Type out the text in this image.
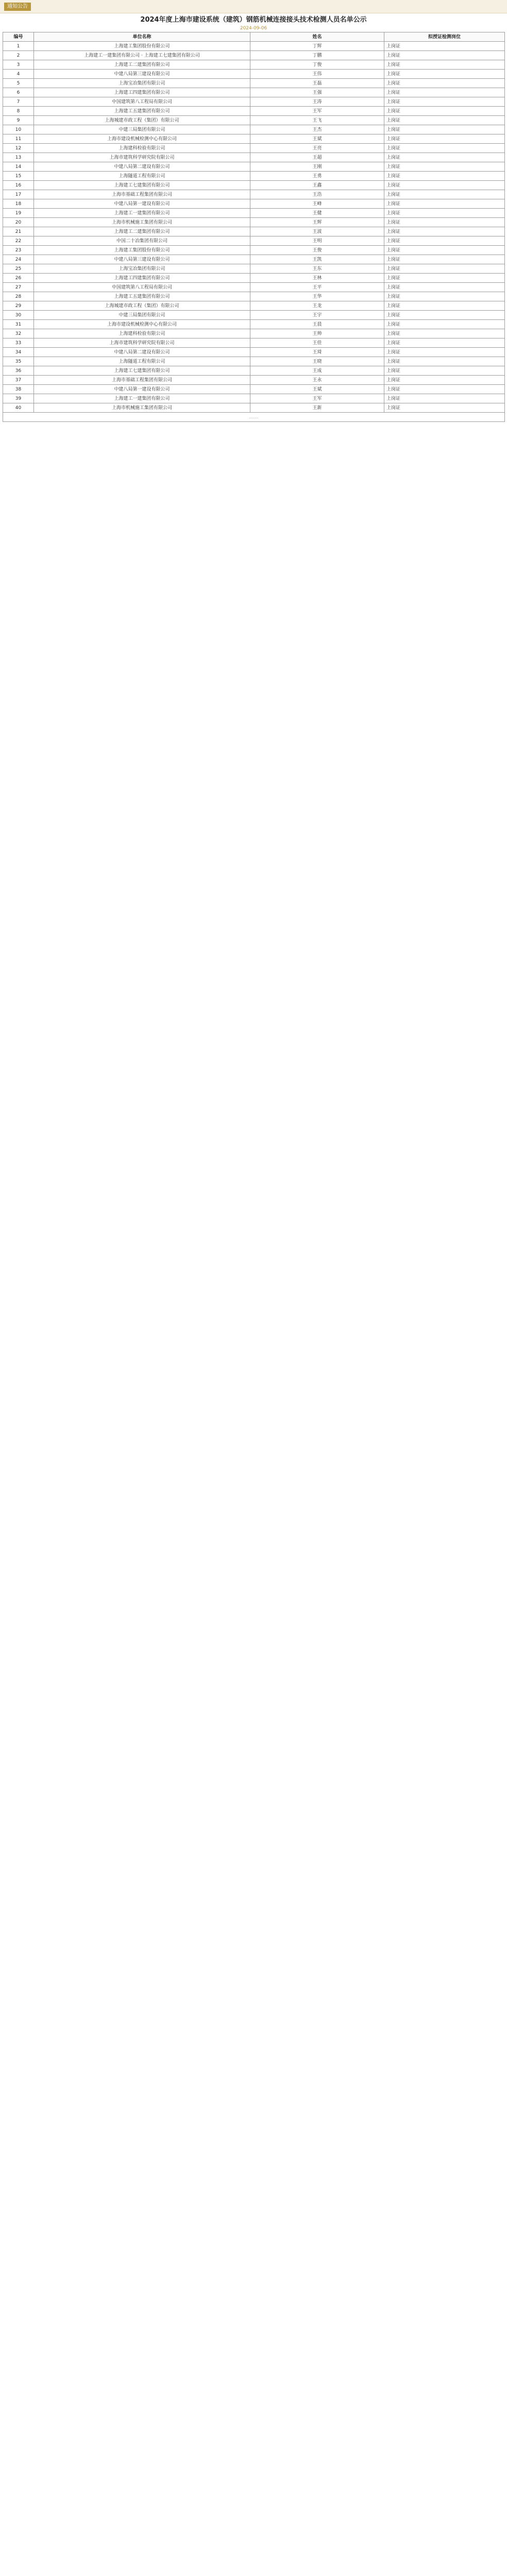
通知公告
2024年度上海市建设系统（建筑）钢筋机械连接接头技术检测人员名单公示
2024-09-06
编号	单位名称	姓名	拟授证检测岗位
1	上海建工集团股份有限公司	丁辉	上岗证
2	上海建工一建集团有限公司 · 上海建工七建集团有限公司	丁鹏	上岗证
3	上海建工二建集团有限公司	丁俊	上岗证
4	中建八局第三建设有限公司	王伟	上岗证
5	上海宝冶集团有限公司	王磊	上岗证
6	上海建工四建集团有限公司	王强	上岗证
7	中国建筑第八工程局有限公司	王涛	上岗证
8	上海建工五建集团有限公司	王军	上岗证
9	上海城建市政工程（集团）有限公司	王飞	上岗证
10	中建三局集团有限公司	王杰	上岗证
11	上海市建设机械检测中心有限公司	王斌	上岗证
12	上海建科检验有限公司	王亮	上岗证
13	上海市建筑科学研究院有限公司	王超	上岗证
14	中建八局第二建设有限公司	王刚	上岗证
15	上海隧道工程有限公司	王勇	上岗证
16	上海建工七建集团有限公司	王鑫	上岗证
17	上海市基础工程集团有限公司	王浩	上岗证
18	中建八局第一建设有限公司	王峰	上岗证
19	上海建工一建集团有限公司	王健	上岗证
20	上海市机械施工集团有限公司	王辉	上岗证
21	上海建工二建集团有限公司	王波	上岗证
22	中国二十冶集团有限公司	王明	上岗证
23	上海建工集团股份有限公司	王俊	上岗证
24	中建八局第三建设有限公司	王凯	上岗证
25	上海宝冶集团有限公司	王东	上岗证
26	上海建工四建集团有限公司	王林	上岗证
27	中国建筑第八工程局有限公司	王平	上岗证
28	上海建工五建集团有限公司	王华	上岗证
29	上海城建市政工程（集团）有限公司	王龙	上岗证
30	中建三局集团有限公司	王宇	上岗证
31	上海市建设机械检测中心有限公司	王晨	上岗证
32	上海建科检验有限公司	王帅	上岗证
33	上海市建筑科学研究院有限公司	王佳	上岗证
34	中建八局第二建设有限公司	王琦	上岗证
35	上海隧道工程有限公司	王晓	上岗证
36	上海建工七建集团有限公司	王成	上岗证
37	上海市基础工程集团有限公司	王永	上岗证
38	中建八局第一建设有限公司	王斌	上岗证
39	上海建工一建集团有限公司	王军	上岗证
40	上海市机械施工集团有限公司	王新	上岗证
……			
